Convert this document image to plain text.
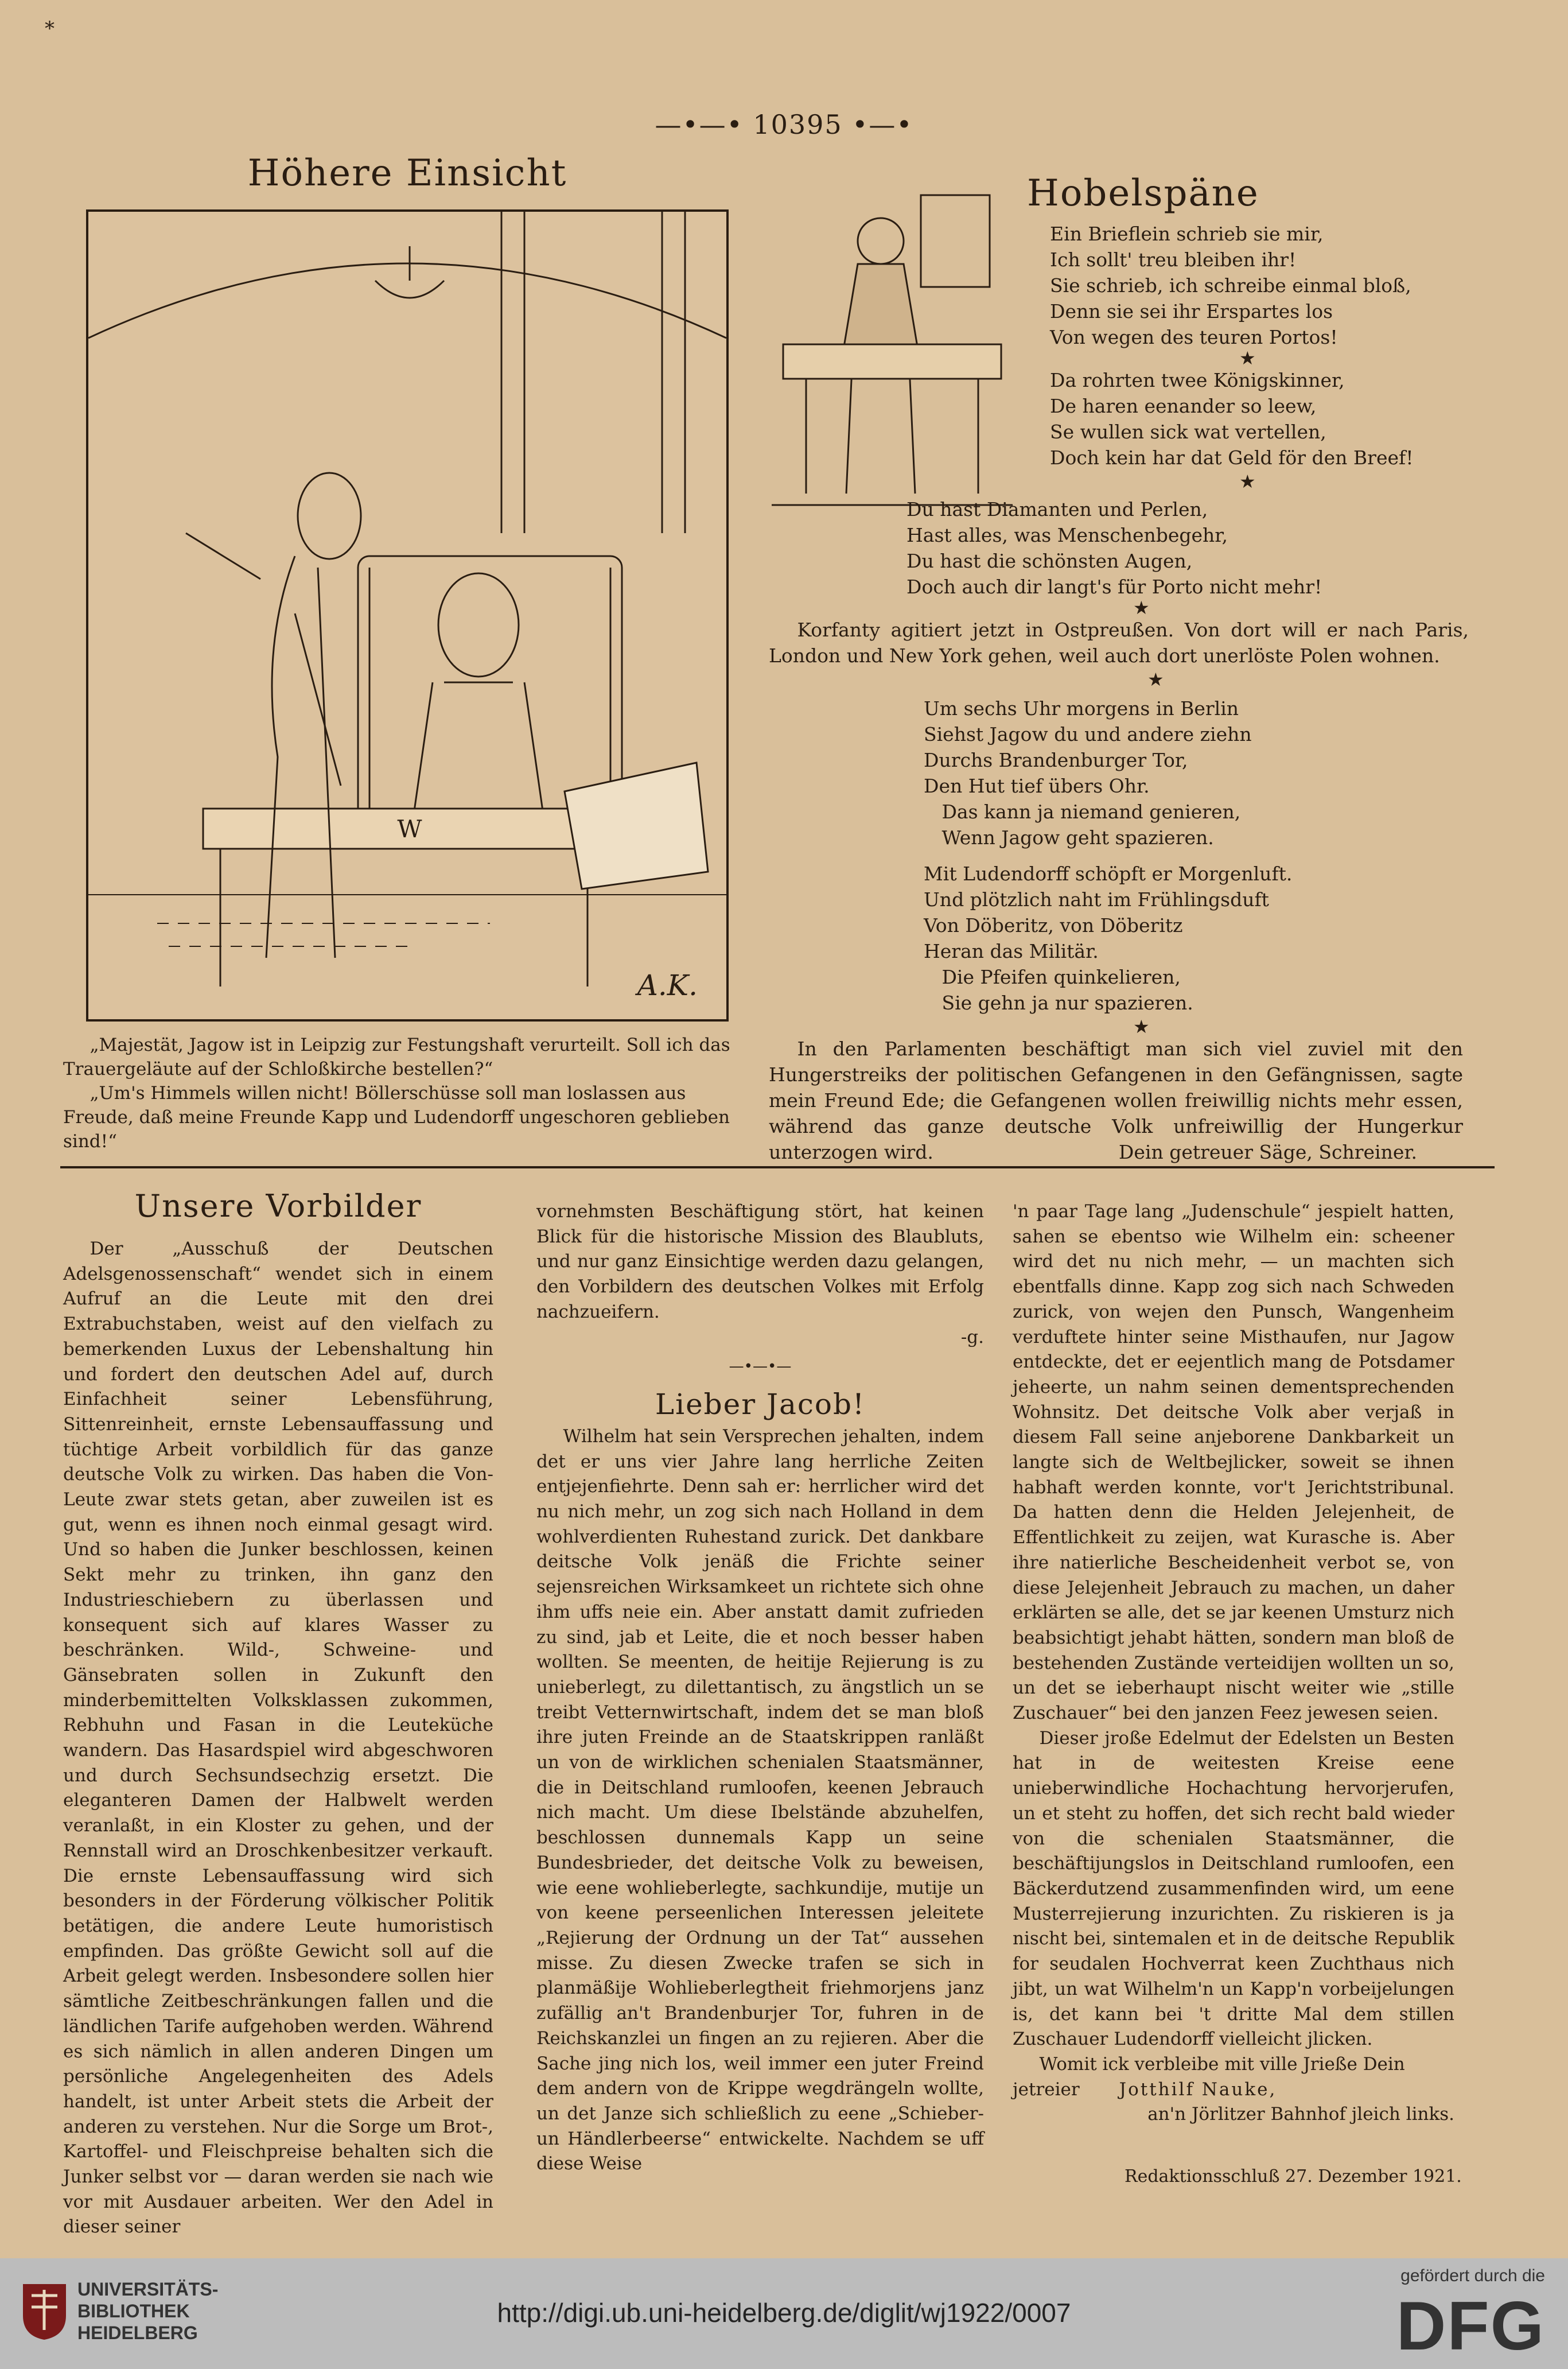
*
—•—• 10395 •—•
Höhere Einsicht
W
A.K.

„Majestät, Jagow ist in Leipzig zur Festungshaft verurteilt. Soll ich das Trauergeläute auf der Schloßkirche bestellen?“

„Um's Himmels willen nicht! Böllerschüsse soll man loslassen aus Freude, daß meine Freunde Kapp und Ludendorff ungeschoren geblieben sind!“

Hobelspäne
Ein Brieflein schrieb sie mir,
Ich sollt' treu bleiben ihr!
Sie schrieb, ich schreibe einmal bloß,
Denn sie sei ihr Erspartes los
Von wegen des teuren Portos!
★
Da rohrten twee Königskinner,
De haren eenander so leew,
Se wullen sick wat vertellen,
Doch kein har dat Geld för den Breef!
★
Du hast Diamanten und Perlen,
Hast alles, was Menschenbegehr,
Du hast die schönsten Augen,
Doch auch dir langt's für Porto nicht mehr!
★
Korfanty agitiert jetzt in Ostpreußen. Von dort will er nach Paris, London und New York gehen, weil auch dort unerlöste Polen wohnen.
★
Um sechs Uhr morgens in Berlin
Siehst Jagow du und andere ziehn
Durchs Brandenburger Tor,
Den Hut tief übers Ohr.
Das kann ja niemand genieren,
Wenn Jagow geht spazieren.
Mit Ludendorff schöpft er Morgenluft.
Und plötzlich naht im Frühlingsduft
Von Döberitz, von Döberitz
Heran das Militär.
Die Pfeifen quinkelieren,
Sie gehn ja nur spazieren.
★
In den Parlamenten beschäftigt man sich viel zuviel mit den Hungerstreiks der politischen Gefangenen in den Gefängnissen, sagte mein Freund Ede; die Gefangenen wollen freiwillig nichts mehr essen, während das ganze deutsche Volk unfreiwillig der Hungerkur unterzogen wird.	Dein getreuer Säge, Schreiner.
Unsere Vorbilder

Der „Ausschuß der Deutschen Adelsgenossenschaft“ wendet sich in einem Aufruf an die Leute mit den drei Extrabuchstaben, weist auf den vielfach zu bemerkenden Luxus der Lebenshaltung hin und fordert den deutschen Adel auf, durch Einfachheit seiner Lebensführung, Sittenreinheit, ernste Lebensauffassung und tüchtige Arbeit vorbildlich für das ganze deutsche Volk zu wirken. Das haben die Von-Leute zwar stets getan, aber zuweilen ist es gut, wenn es ihnen noch einmal gesagt wird. Und so haben die Junker beschlossen, keinen Sekt mehr zu trinken, ihn ganz den Industrieschiebern zu überlassen und konsequent sich auf klares Wasser zu beschränken. Wild-, Schweine- und Gänsebraten sollen in Zukunft den minderbemittelten Volksklassen zukommen, Rebhuhn und Fasan in die Leuteküche wandern. Das Hasardspiel wird abgeschworen und durch Sechsundsechzig ersetzt. Die eleganteren Damen der Halbwelt werden veranlaßt, in ein Kloster zu gehen, und der Rennstall wird an Droschkenbesitzer verkauft. Die ernste Lebensauffassung wird sich besonders in der Förderung völkischer Politik betätigen, die andere Leute humoristisch empfinden. Das größte Gewicht soll auf die Arbeit gelegt werden. Insbesondere sollen hier sämtliche Zeitbeschränkungen fallen und die ländlichen Tarife aufgehoben werden. Während es sich nämlich in allen anderen Dingen um persönliche Angelegenheiten des Adels handelt, ist unter Arbeit stets die Arbeit der anderen zu verstehen. Nur die Sorge um Brot-, Kartoffel- und Fleischpreise behalten sich die Junker selbst vor — daran werden sie nach wie vor mit Ausdauer arbeiten. Wer den Adel in dieser seiner

vornehmsten Beschäftigung stört, hat keinen Blick für die historische Mission des Blaubluts, und nur ganz Einsichtige werden dazu gelangen, den Vorbildern des deutschen Volkes mit Erfolg nachzueifern.

-g.

—•—•—
Lieber Jacob!

Wilhelm hat sein Versprechen jehalten, indem det er uns vier Jahre lang herrliche Zeiten entjejenfiehrte. Denn sah er: herrlicher wird det nu nich mehr, un zog sich nach Holland in dem wohlverdienten Ruhestand zurick. Det dankbare deitsche Volk jenäß die Frichte seiner sejensreichen Wirksamkeet un richtete sich ohne ihm uffs neie ein. Aber anstatt damit zufrieden zu sind, jab et Leite, die et noch besser haben wollten. Se meenten, de heitije Rejierung is zu unieberlegt, zu dilettantisch, zu ängstlich un se treibt Vetternwirtschaft, indem det se man bloß ihre juten Freinde an de Staatskrippen ranläßt un von de wirklichen schenialen Staatsmänner, die in Deitschland rumloofen, keenen Jebrauch nich macht. Um diese Ibelstände abzuhelfen, beschlossen dunnemals Kapp un seine Bundesbrieder, det deitsche Volk zu beweisen, wie eene wohlieberlegte, sachkundije, mutije un von keene perseenlichen Interessen jeleitete „Rejierung der Ordnung un der Tat“ aussehen misse. Zu diesen Zwecke trafen se sich in planmäßije Wohlieberlegtheit friehmorjens janz zufällig an't Brandenburjer Tor, fuhren in de Reichskanzlei un fingen an zu rejieren. Aber die Sache jing nich los, weil immer een juter Freind dem andern von de Krippe wegdrängeln wollte, un det Janze sich schließlich zu eene „Schieber- un Händlerbeerse“ entwickelte. Nachdem se uff diese Weise

'n paar Tage lang „Judenschule“ jespielt hatten, sahen se ebentso wie Wilhelm ein: scheener wird det nu nich mehr, — un machten sich ebentfalls dinne. Kapp zog sich nach Schweden zurick, von wejen den Punsch, Wangenheim verduftete hinter seine Misthaufen, nur Jagow entdeckte, det er eejentlich mang de Potsdamer jeheerte, un nahm seinen dementsprechenden Wohnsitz. Det deitsche Volk aber verjaß in diesem Fall seine anjeborene Dankbarkeit un langte sich de Weltbejlicker, soweit se ihnen habhaft werden konnte, vor't Jerichtstribunal. Da hatten denn die Helden Jelejenheit, de Effentlichkeit zu zeijen, wat Kurasche is. Aber ihre natierliche Bescheidenheit verbot se, von diese Jelejenheit Jebrauch zu machen, un daher erklärten se alle, det se jar keenen Umsturz nich beabsichtigt jehabt hätten, sondern man bloß de bestehenden Zustände verteidijen wollten un so, un det se ieberhaupt nischt weiter wie „stille Zuschauer“ bei den janzen Feez jewesen seien.

Dieser jroße Edelmut der Edelsten un Besten hat in de weitesten Kreise eene unieberwindliche Hochachtung hervorjerufen, un et steht zu hoffen, det sich recht bald wieder von die schenialen Staatsmänner, die beschäftijungslos in Deitschland rumloofen, een Bäckerdutzend zusammenfinden wird, um eene Musterrejierung inzurichten. Zu riskieren is ja nischt bei, sintemalen et in de deitsche Republik for seudalen Hochverrat keen Zuchthaus nich jibt, un wat Wilhelm'n un Kapp'n vorbeijelungen is, det kann bei 't dritte Mal dem stillen Zuschauer Ludendorff vielleicht jlicken.

Womit ick verbleibe mit ville Jrieße Dein

jetreier Jotthilf Nauke,

an'n Jörlitzer Bahnhof jleich links.

Redaktionsschluß 27. Dezember 1921.
UNIVERSITÄTS-
BIBLIOTHEK
HEIDELBERG
http://digi.ub.uni-heidelberg.de/diglit/wj1922/0007
gefördert durch die
DFG
